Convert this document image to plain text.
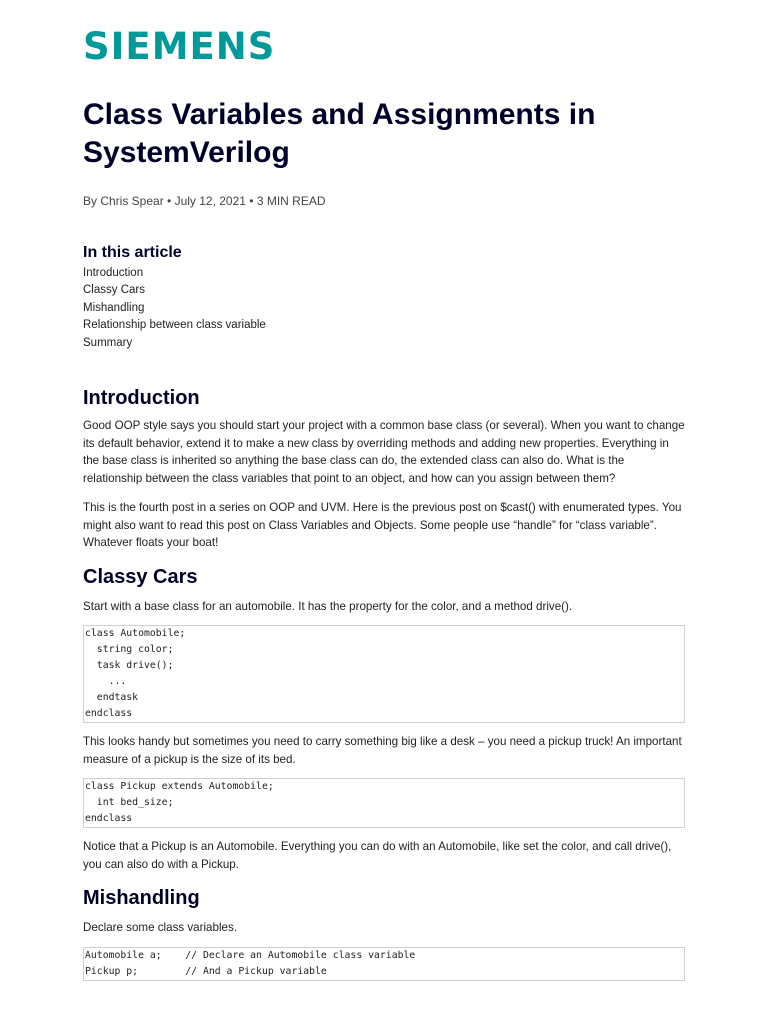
SIEMENS
Class Variables and Assignments in SystemVerilog
By Chris Spear • July 12, 2021 • 3 MIN READ
In this article
Introduction
Classy Cars
Mishandling
Relationship between class variable
Summary
Introduction

Good OOP style says you should start your project with a common base class (or several). When you want to change its default behavior, extend it to make a new class by overriding methods and adding new properties. Everything in the base class is inherited so anything the base class can do, the extended class can also do. What is the relationship between the class variables that point to an object, and how can you assign between them?

This is the fourth post in a series on OOP and UVM. Here is the previous post on $cast() with enumerated types. You might also want to read this post on Class Variables and Objects. Some people use “handle” for “class variable”. Whatever floats your boat!

Classy Cars

Start with a base class for an automobile. It has the property for the color, and a method drive().

class Automobile;
string color;
task drive();
...
endtask
endclass

This looks handy but sometimes you need to carry something big like a desk – you need a pickup truck! An important measure of a pickup is the size of its bed.

class Pickup extends Automobile;
int bed_size;
endclass

Notice that a Pickup is an Automobile. Everything you can do with an Automobile, like set the color, and call drive(), you can also do with a Pickup.

Mishandling

Declare some class variables.

Automobile a;    // Declare an Automobile class variable
Pickup p;        // And a Pickup variable
